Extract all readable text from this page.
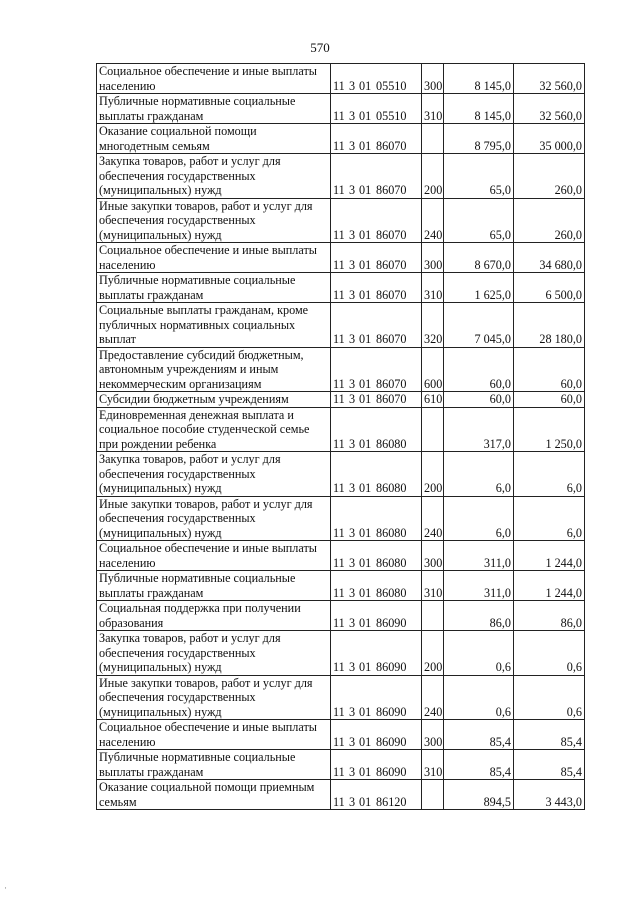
570
Социальное обеспечение и иные выплаты населению	11 3 01 05510	300	8 145,0	32 560,0
Публичные нормативные социальные выплаты гражданам	11 3 01 05510	310	8 145,0	32 560,0
Оказание социальной помощи многодетным семьям	11 3 01 86070		8 795,0	35 000,0
Закупка товаров, работ и услуг для обеспечения государственных (муниципальных) нужд	11 3 01 86070	200	65,0	260,0
Иные закупки товаров, работ и услуг для обеспечения государственных (муниципальных) нужд	11 3 01 86070	240	65,0	260,0
Социальное обеспечение и иные выплаты населению	11 3 01 86070	300	8 670,0	34 680,0
Публичные нормативные социальные выплаты гражданам	11 3 01 86070	310	1 625,0	6 500,0
Социальные выплаты гражданам, кроме публичных нормативных социальных выплат	11 3 01 86070	320	7 045,0	28 180,0
Предоставление субсидий бюджетным, автономным учреждениям и иным некоммерческим организациям	11 3 01 86070	600	60,0	60,0
Субсидии бюджетным учреждениям	11 3 01 86070	610	60,0	60,0
Единовременная денежная выплата и социальное пособие студенческой семье при рождении ребенка	11 3 01 86080		317,0	1 250,0
Закупка товаров, работ и услуг для обеспечения государственных (муниципальных) нужд	11 3 01 86080	200	6,0	6,0
Иные закупки товаров, работ и услуг для обеспечения государственных (муниципальных) нужд	11 3 01 86080	240	6,0	6,0
Социальное обеспечение и иные выплаты населению	11 3 01 86080	300	311,0	1 244,0
Публичные нормативные социальные выплаты гражданам	11 3 01 86080	310	311,0	1 244,0
Социальная поддержка при получении образования	11 3 01 86090		86,0	86,0
Закупка товаров, работ и услуг для обеспечения государственных (муниципальных) нужд	11 3 01 86090	200	0,6	0,6
Иные закупки товаров, работ и услуг для обеспечения государственных (муниципальных) нужд	11 3 01 86090	240	0,6	0,6
Социальное обеспечение и иные выплаты населению	11 3 01 86090	300	85,4	85,4
Публичные нормативные социальные выплаты гражданам	11 3 01 86090	310	85,4	85,4
Оказание социальной помощи приемным семьям	11 3 01 86120		894,5	3 443,0
·
